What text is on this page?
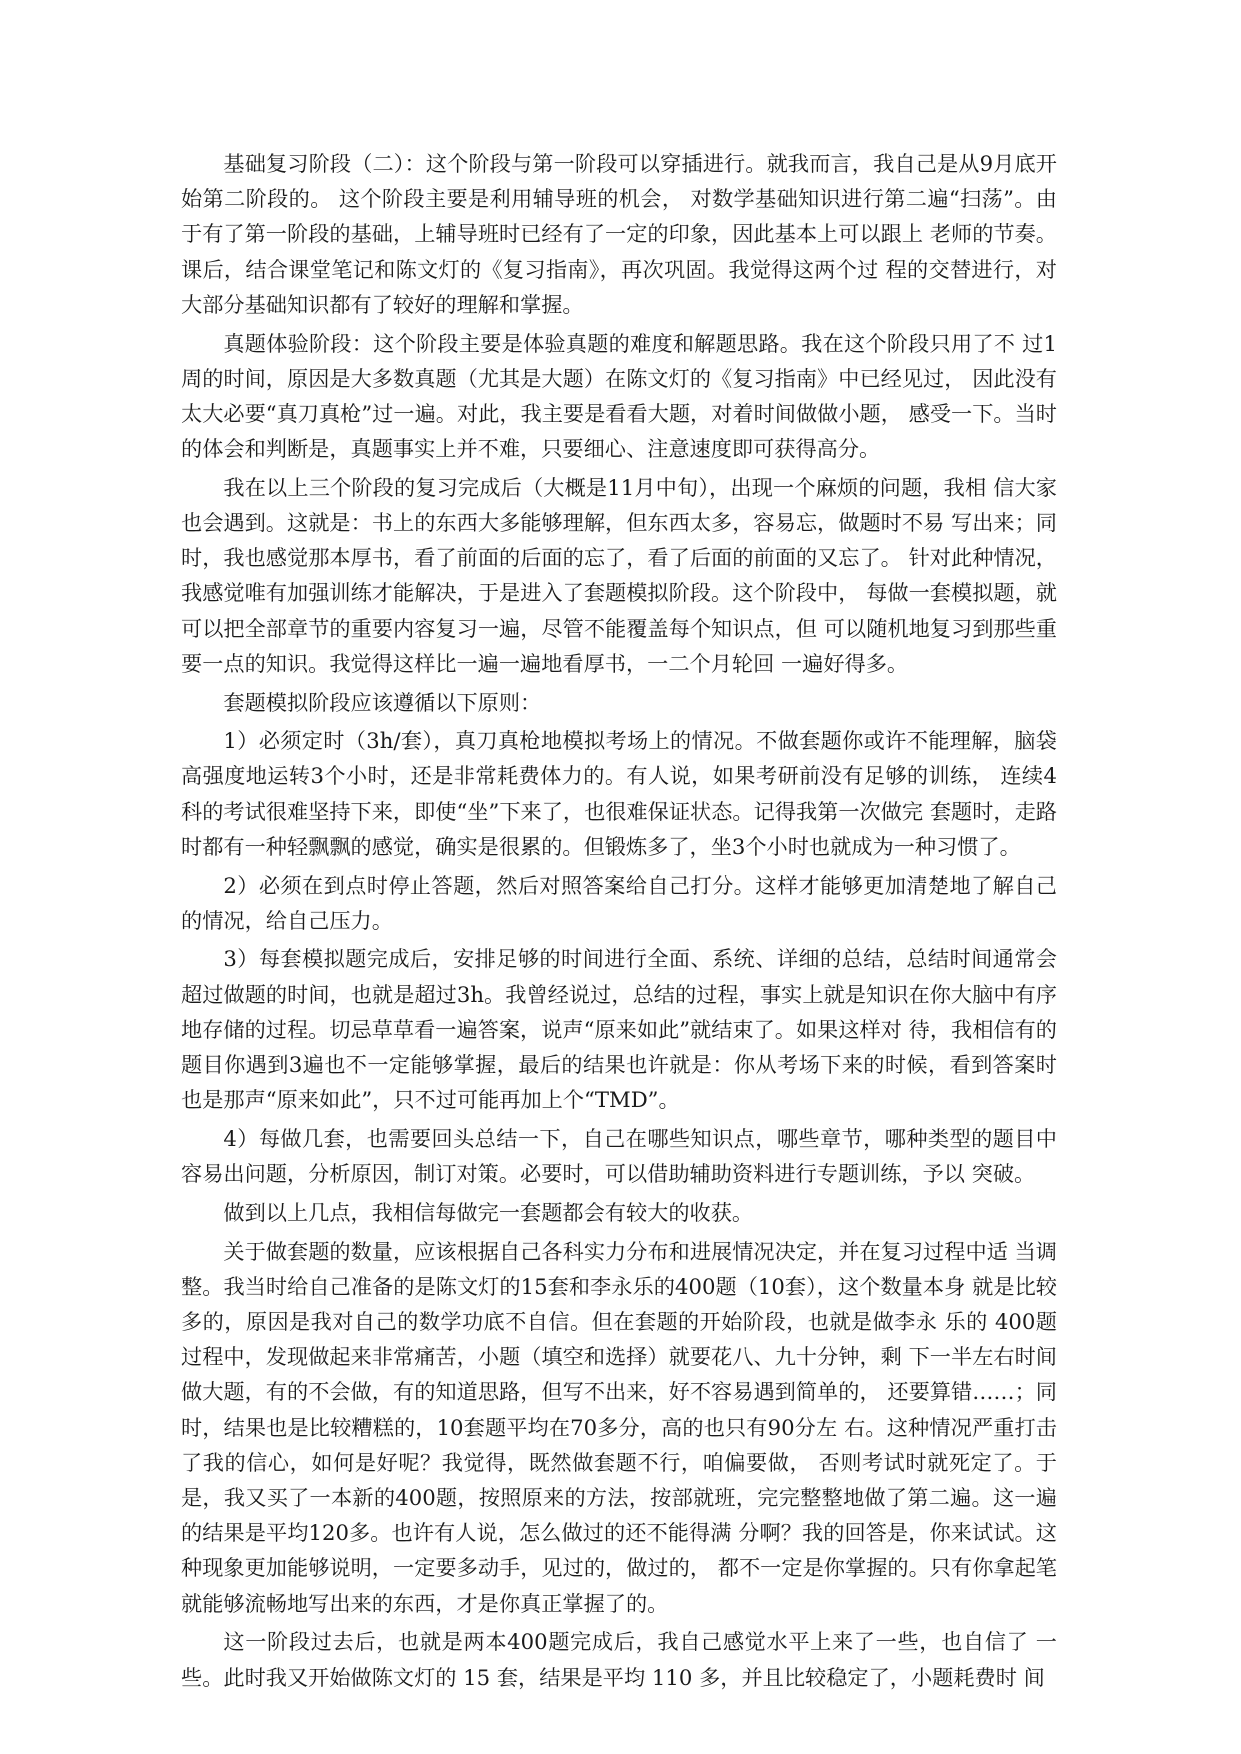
基础复习阶段（二）：这个阶段与第一阶段可以穿插进行。就我而言，我自己是从9月底开始第二阶段的。 这个阶段主要是利用辅导班的机会， 对数学基础知识进行第二遍“扫荡”。由于有了第一阶段的基础，上辅导班时已经有了一定的印象，因此基本上可以跟上 老师的节奏。课后，结合课堂笔记和陈文灯的《复习指南》，再次巩固。我觉得这两个过 程的交替进行，对大部分基础知识都有了较好的理解和掌握。

真题体验阶段：这个阶段主要是体验真题的难度和解题思路。我在这个阶段只用了不 过1 周的时间，原因是大多数真题（尤其是大题）在陈文灯的《复习指南》中已经见过， 因此没有太大必要“真刀真枪”过一遍。对此，我主要是看看大题，对着时间做做小题， 感受一下。当时的体会和判断是，真题事实上并不难，只要细心、注意速度即可获得高分。

我在以上三个阶段的复习完成后（大概是11月中旬），出现一个麻烦的问题，我相 信大家也会遇到。这就是：书上的东西大多能够理解，但东西太多，容易忘，做题时不易 写出来；同时，我也感觉那本厚书，看了前面的后面的忘了，看了后面的前面的又忘了。 针对此种情况，我感觉唯有加强训练才能解决，于是进入了套题模拟阶段。这个阶段中， 每做一套模拟题，就可以把全部章节的重要内容复习一遍，尽管不能覆盖每个知识点，但 可以随机地复习到那些重要一点的知识。我觉得这样比一遍一遍地看厚书，一二个月轮回 一遍好得多。

套题模拟阶段应该遵循以下原则：

1）必须定时（3h/套），真刀真枪地模拟考场上的情况。不做套题你或许不能理解，脑袋高强度地运转3个小时，还是非常耗费体力的。有人说，如果考研前没有足够的训练， 连续4 科的考试很难坚持下来，即使“坐”下来了，也很难保证状态。记得我第一次做完 套题时，走路时都有一种轻飘飘的感觉，确实是很累的。但锻炼多了，坐3个小时也就成为一种习惯了。

2）必须在到点时停止答题，然后对照答案给自己打分。这样才能够更加清楚地了解自己的情况，给自己压力。

3）每套模拟题完成后，安排足够的时间进行全面、系统、详细的总结，总结时间通常会超过做题的时间，也就是超过3h。我曾经说过，总结的过程，事实上就是知识在你大脑中有序地存储的过程。切忌草草看一遍答案，说声“原来如此”就结束了。如果这样对 待，我相信有的题目你遇到3遍也不一定能够掌握，最后的结果也许就是：你从考场下来的时候，看到答案时也是那声“原来如此”，只不过可能再加上个“TMD”。

4）每做几套，也需要回头总结一下，自己在哪些知识点，哪些章节，哪种类型的题目中容易出问题，分析原因，制订对策。必要时，可以借助辅助资料进行专题训练，予以 突破。

做到以上几点，我相信每做完一套题都会有较大的收获。

关于做套题的数量，应该根据自己各科实力分布和进展情况决定，并在复习过程中适 当调整。我当时给自己准备的是陈文灯的15套和李永乐的400题（10套），这个数量本身 就是比较多的，原因是我对自己的数学功底不自信。但在套题的开始阶段，也就是做李永 乐的 400题过程中，发现做起来非常痛苦，小题（填空和选择）就要花八、九十分钟，剩 下一半左右时间做大题，有的不会做，有的知道思路，但写不出来，好不容易遇到简单的， 还要算错……；同时，结果也是比较糟糕的，10套题平均在70多分，高的也只有90分左 右。这种情况严重打击了我的信心，如何是好呢？我觉得，既然做套题不行，咱偏要做， 否则考试时就死定了。于是，我又买了一本新的400题，按照原来的方法，按部就班，完完整整地做了第二遍。这一遍的结果是平均120多。也许有人说，怎么做过的还不能得满 分啊？我的回答是，你来试试。这种现象更加能够说明，一定要多动手，见过的，做过的， 都不一定是你掌握的。只有你拿起笔就能够流畅地写出来的东西，才是你真正掌握了的。

这一阶段过去后，也就是两本400题完成后，我自己感觉水平上来了一些，也自信了 一些。此时我又开始做陈文灯的 15 套，结果是平均 110 多，并且比较稳定了，小题耗费时 间
